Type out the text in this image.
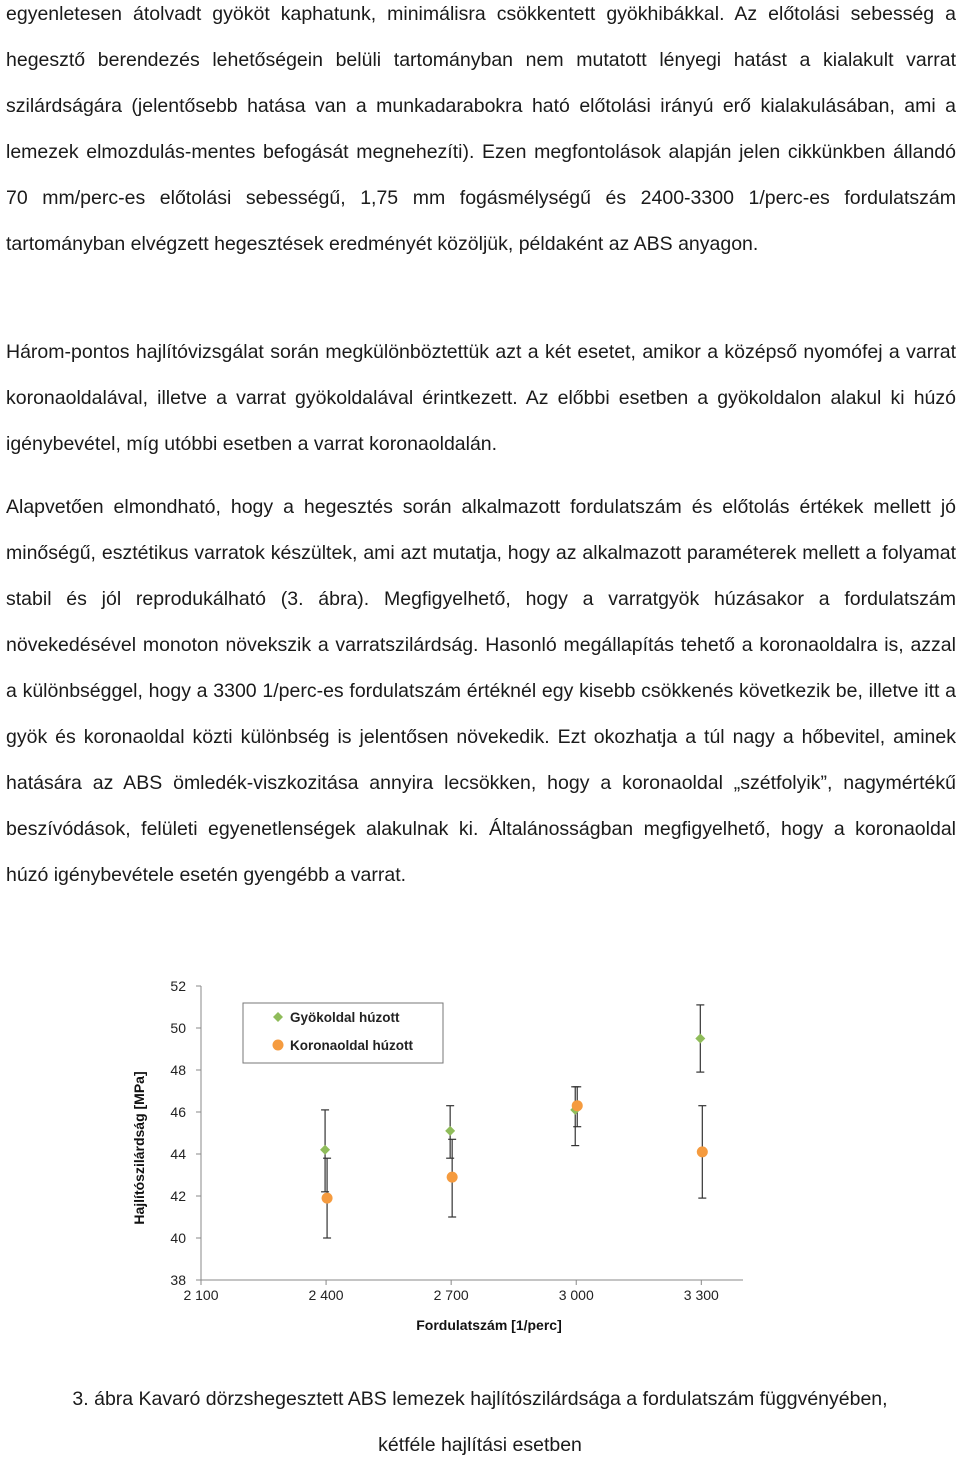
egyenletesen átolvadt gyököt kaphatunk, minimálisra csökkentett gyökhibákkal. Az előtolási sebesség a hegesztő berendezés lehetőségein belüli tartományban nem mutatott lényegi hatást a kialakult varrat szilárdságára (jelentősebb hatása van a munkadarabokra ható előtolási irányú erő kialakulásában, ami a lemezek elmozdulás-mentes befogását megnehezíti). Ezen megfontolások alapján jelen cikkünkben állandó 70 mm/perc-es előtolási sebességű, 1,75 mm fogásmélységű és 2400-3300 1/perc-es fordulatszám tartományban elvégzett hegesztések eredményét közöljük, példaként az ABS anyagon.

Három-pontos hajlítóvizsgálat során megkülönböztettük azt a két esetet, amikor a középső nyomófej a varrat koronaoldalával, illetve a varrat gyökoldalával érintkezett. Az előbbi esetben a gyökoldalon alakul ki húzó igénybevétel, míg utóbbi esetben a varrat koronaoldalán.

Alapvetően elmondható, hogy a hegesztés során alkalmazott fordulatszám és előtolás értékek mellett jó minőségű, esztétikus varratok készültek, ami azt mutatja, hogy az alkalmazott paraméterek mellett a folyamat stabil és jól reprodukálható (3. ábra). Megfigyelhető, hogy a varratgyök húzásakor a fordulatszám növekedésével monoton növekszik a varratszilárdság. Hasonló megállapítás tehető a koronaoldalra is, azzal a különbséggel, hogy a 3300 1/perc-es fordulatszám értéknél egy kisebb csökkenés következik be, illetve itt a gyök és koronaoldal közti különbség is jelentősen növekedik. Ezt okozhatja a túl nagy a hőbevitel, aminek hatására az ABS ömledék-viszkozitása annyira lecsökken, hogy a koronaoldal „szétfolyik”, nagymértékű beszívódások, felületi egyenetlenségek alakulnak ki. Általánosságban megfigyelhető, hogy a koronaoldal húzó igénybevétele esetén gyengébb a varrat.

38
40
42
44
46
48
50
52
2 100	2 400	2 700	3 000	3 300
Fordulatszám [1/perc]
Hajlítószilárdság [MPa]
Gyökoldal húzott
Koronaoldal húzott
3. ábra Kavaró dörzshegesztett ABS lemezek hajlítószilárdsága a fordulatszám függvényében,
kétféle hajlítási esetben
